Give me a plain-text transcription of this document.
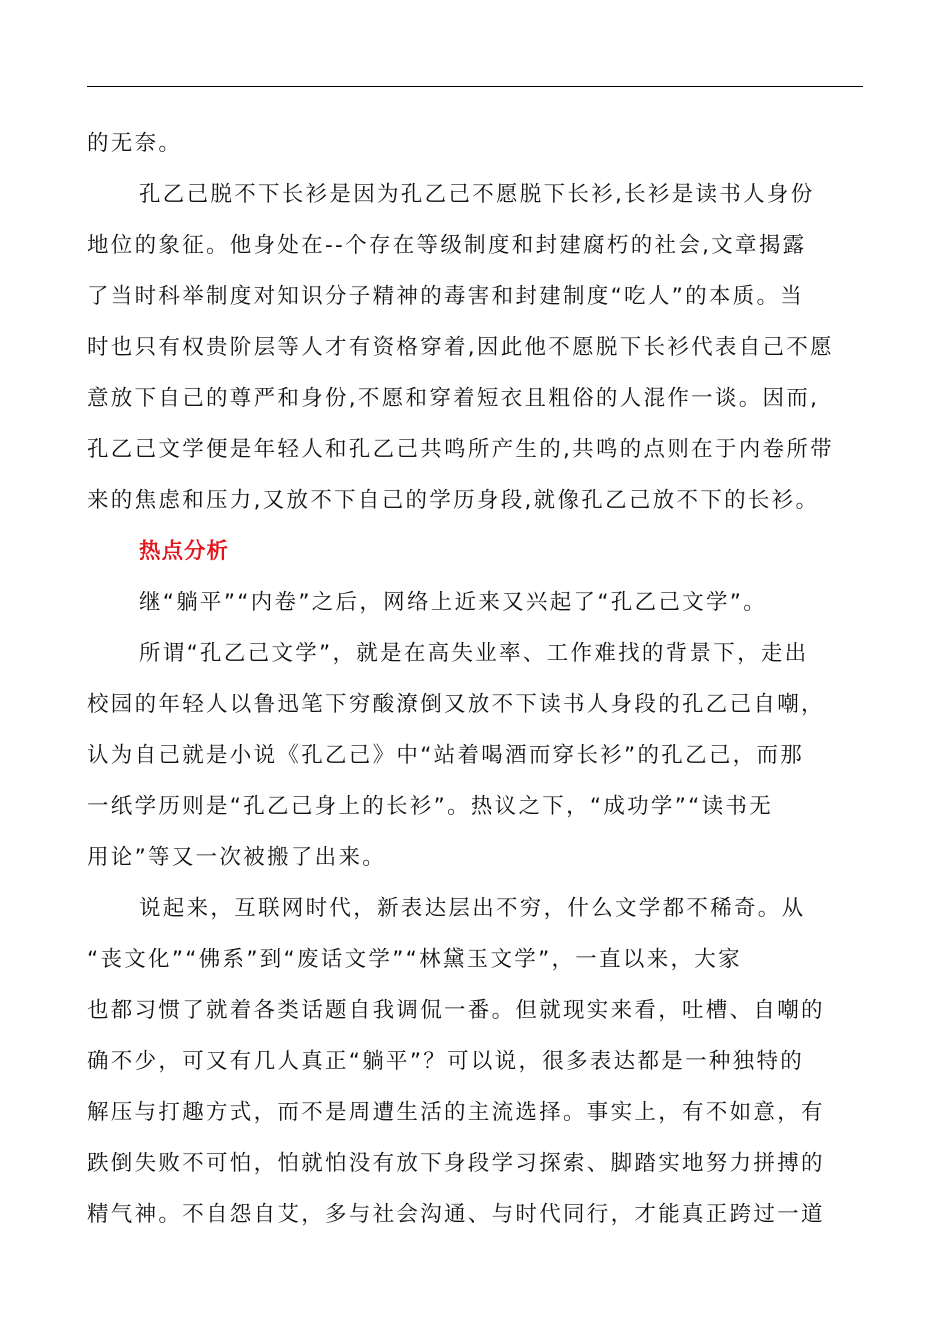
的无奈。
孔乙己脱不下长衫是因为孔乙己不愿脱下长衫,长衫是读书人身份
地位的象征。他身处在--个存在等级制度和封建腐朽的社会,文章揭露
了当时科举制度对知识分子精神的毒害和封建制度“吃人”的本质。当
时也只有权贵阶层等人才有资格穿着,因此他不愿脱下长衫代表自己不愿
意放下自己的尊严和身份,不愿和穿着短衣且粗俗的人混作一谈。因而,
孔乙己文学便是年轻人和孔乙己共鸣所产生的,共鸣的点则在于内卷所带
来的焦虑和压力,又放不下自己的学历身段,就像孔乙己放不下的长衫。
热点分析
继“躺平”“内卷”之后，网络上近来又兴起了“孔乙己文学”。
所谓“孔乙己文学”，就是在高失业率、工作难找的背景下，走出
校园的年轻人以鲁迅笔下穷酸潦倒又放不下读书人身段的孔乙己自嘲，
认为自己就是小说《孔乙己》中“站着喝酒而穿长衫”的孔乙己，而那
一纸学历则是“孔乙己身上的长衫”。热议之下，“成功学”“读书无
用论”等又一次被搬了出来。
说起来，互联网时代，新表达层出不穷，什么文学都不稀奇。从
“丧文化”“佛系”到“废话文学”“林黛玉文学”，一直以来，大家
也都习惯了就着各类话题自我调侃一番。但就现实来看，吐槽、自嘲的
确不少，可又有几人真正“躺平”？可以说，很多表达都是一种独特的
解压与打趣方式，而不是周遭生活的主流选择。事实上，有不如意，有
跌倒失败不可怕，怕就怕没有放下身段学习探索、脚踏实地努力拼搏的
精气神。不自怨自艾，多与社会沟通、与时代同行，才能真正跨过一道
